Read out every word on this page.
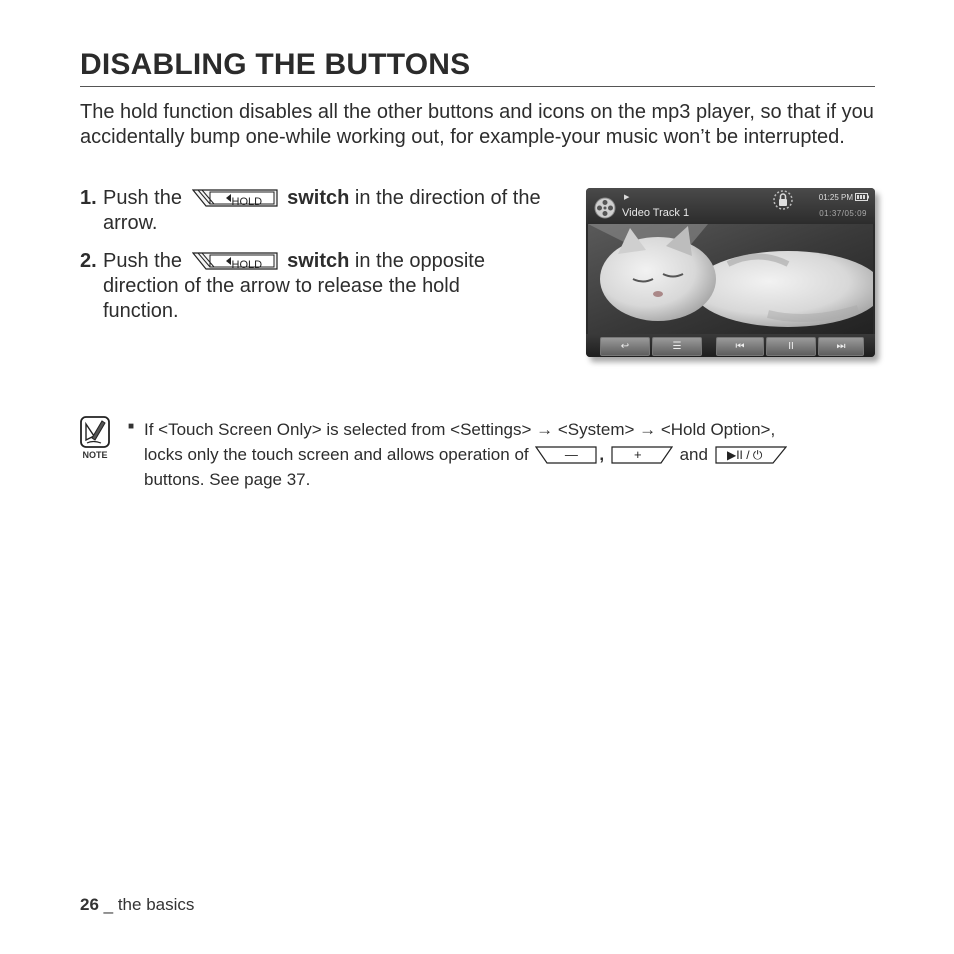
DISABLING THE BUTTONS
The hold function disables all the other buttons and icons on the mp3 player, so that if you accidentally bump one-while working out, for example-your music won’t be interrupted.
1. Push the	HOLD switch in the direction of the
arrow.
2. Push the	HOLD switch in the opposite
direction of the arrow to release the hold
function.
▶
Video Track 1
01:25 PM
01:37/05:09
↩	☰	⏮	II	⏭
NOTE
■ If <Touch Screen Only> is selected from <Settings> → <System> → <Hold Option>,
locks only the touch screen and allows operation of	—	,	+	and	▶II / ⏻
buttons. See page 37.
26 _ the basics
